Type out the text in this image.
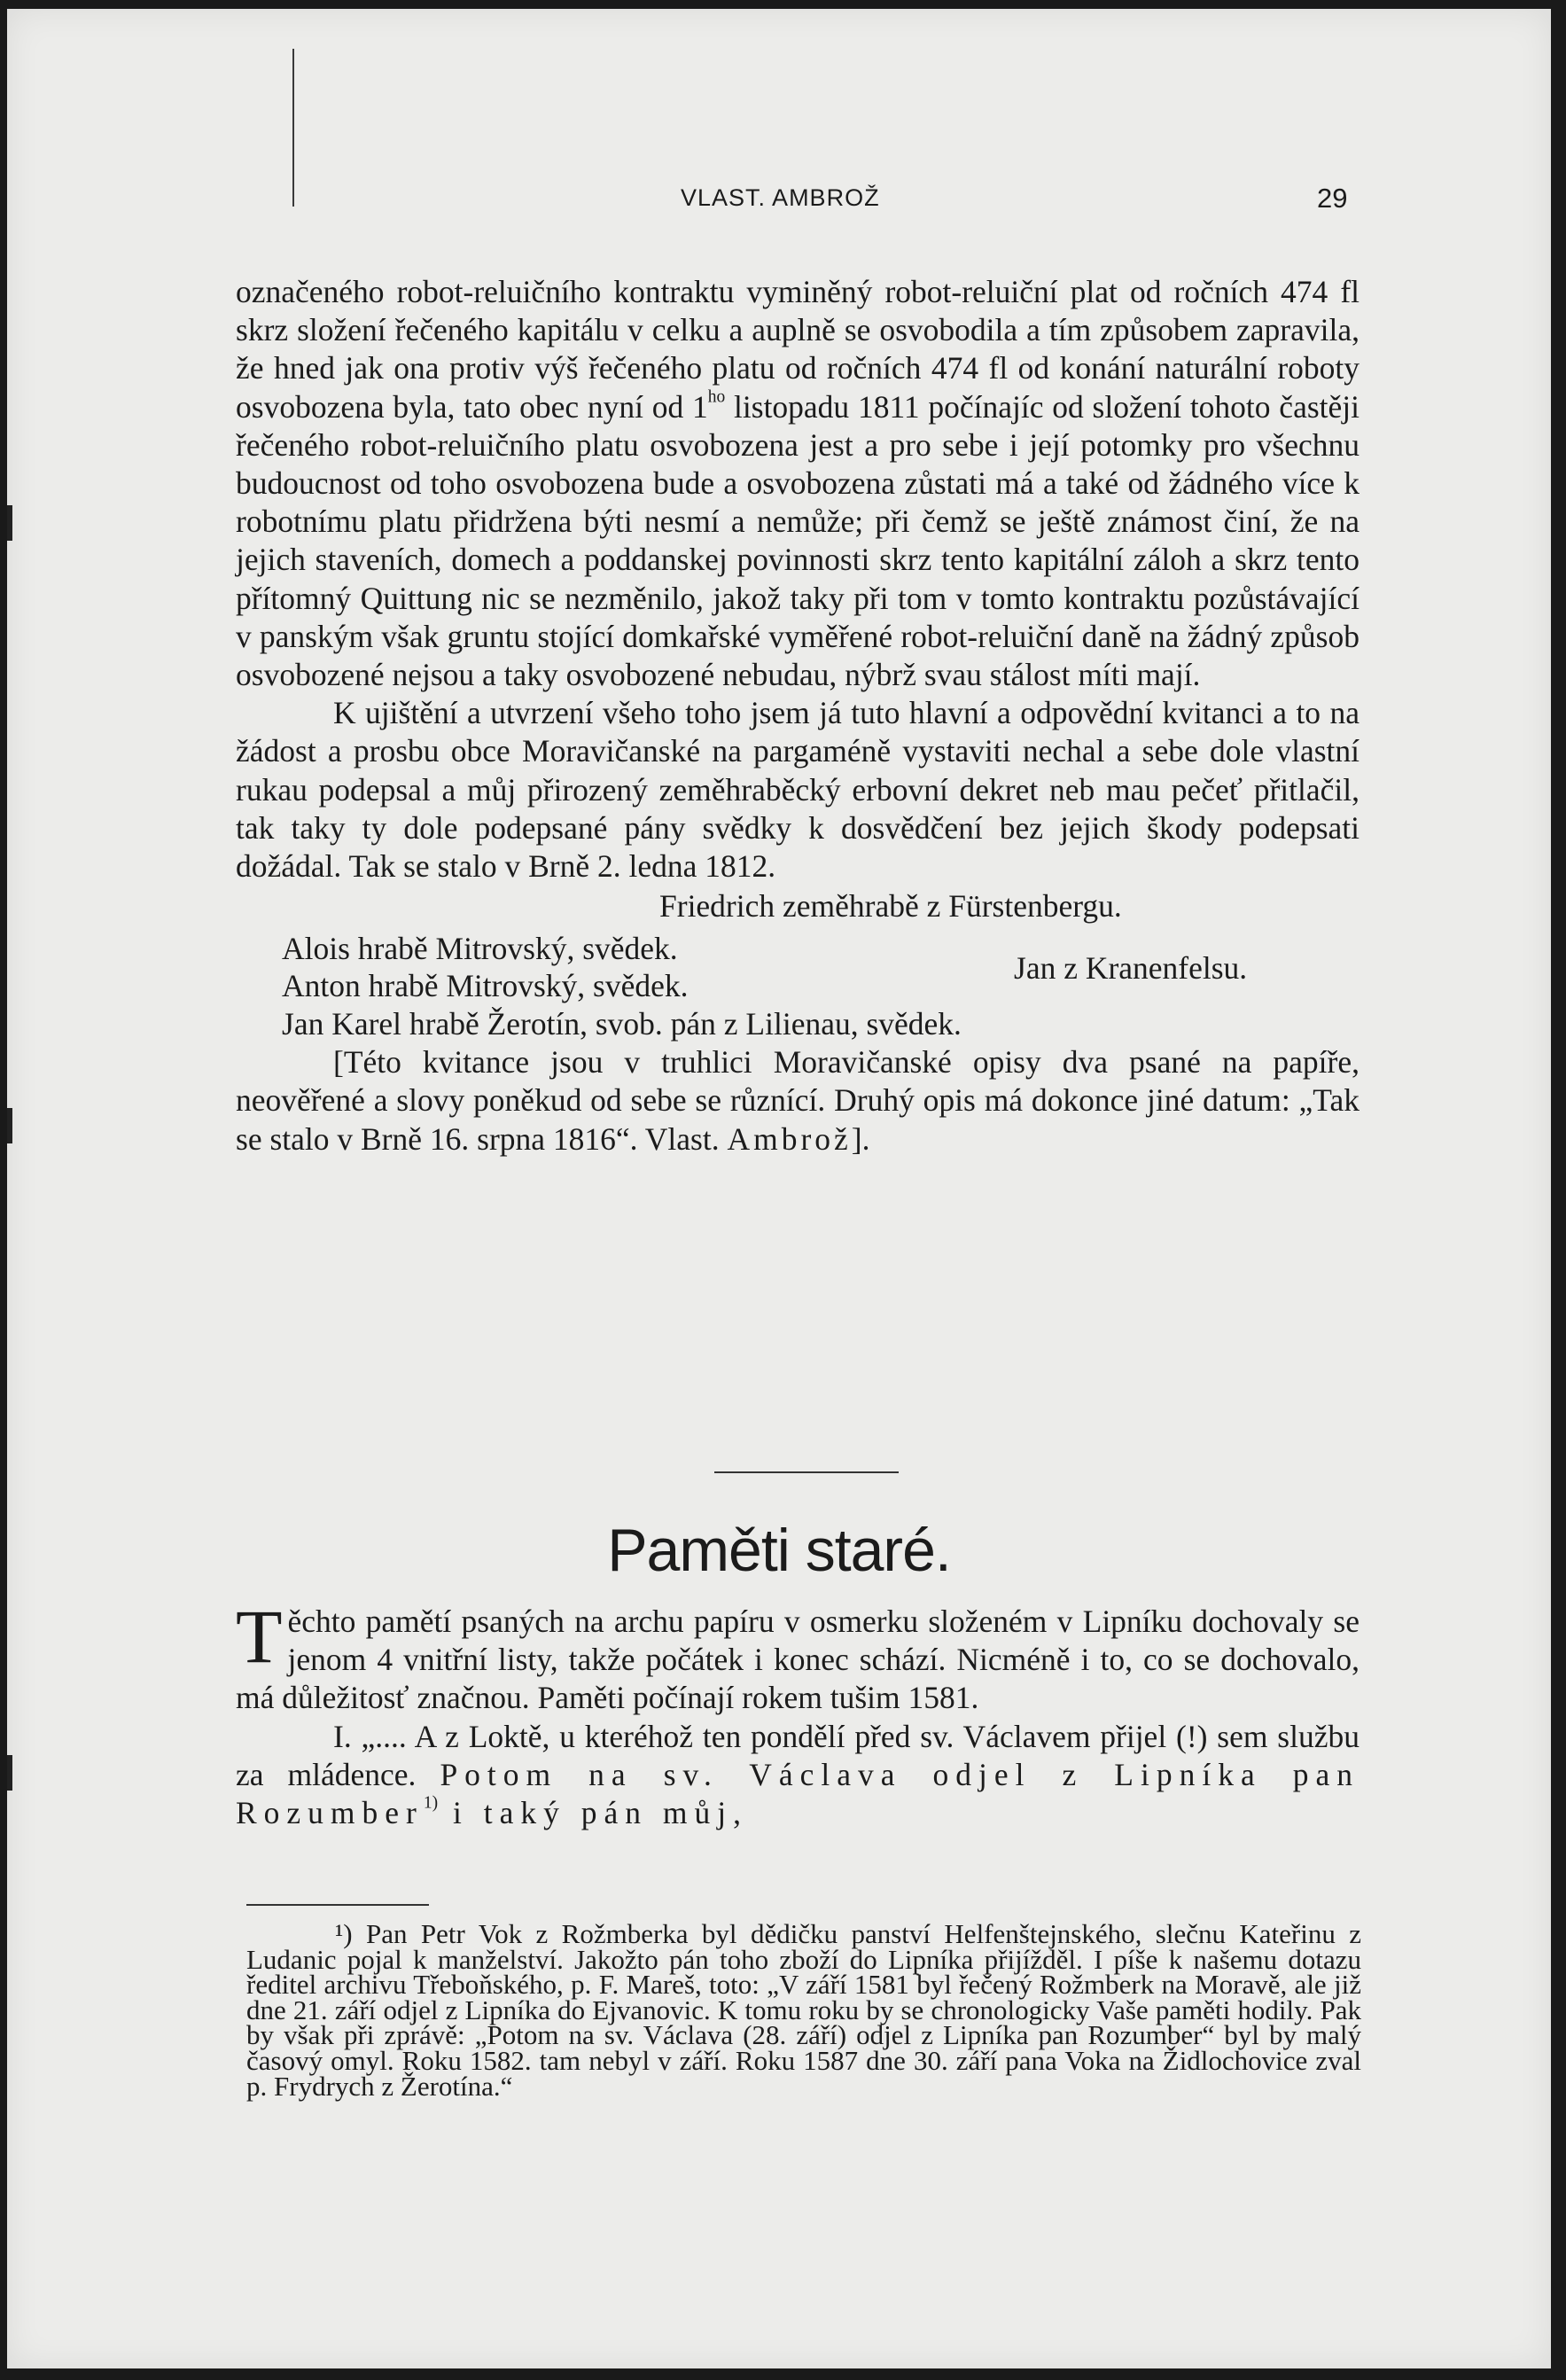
VLAST. AMBROŽ	29

označeného robot-reluičního kontraktu vyminěný robot-reluiční plat od ročních 474 fl skrz složení řečeného kapitálu v celku a auplně se osvobodila a tím způsobem zapravila, že hned jak ona protiv výš řečeného platu od ročních 474 fl od konání naturální roboty osvobozena byla, tato obec nyní od $1^{ho}$ listopadu 1811 počínajíc od složení tohoto častěji řečeného robot-reluičního platu osvobozena jest a pro sebe i její potomky pro všechnu budoucnost od toho osvobozena bude a osvobozena zůstati má a také od žádného více k robotnímu platu přidržena býti nesmí a nemůže; při čemž se ještě známost činí, že na jejich staveních, domech a poddanskej povinnosti skrz tento kapitální záloh a skrz tento přítomný Quittung nic se nezměnilo, jakož taky při tom v tomto kontraktu pozůstávající v panským však gruntu stojící domkařské vyměřené robot-reluiční daně na žádný způsob osvobozené nejsou a taky osvobozené nebudau, nýbrž svau stálost míti mají.

K ujištění a utvrzení všeho toho jsem já tuto hlavní a odpovědní kvitanci a to na žádost a prosbu obce Moravičanské na pargaméně vystaviti nechal a sebe dole vlastní rukau podepsal a můj přirozený zeměhraběcký erbovní dekret neb mau pečeť přitlačil, tak taky ty dole podepsané pány svědky k dosvědčení bez jejich škody podepsati dožádal. Tak se stalo v Brně 2. ledna 1812.

Friedrich zeměhrabě z Fürstenbergu.
Alois hrabě Mitrovský, svědek.
Anton hrabě Mitrovský, svědek.	Jan z Kranenfelsu.
Jan Karel hrabě Žerotín, svob. pán z Lilienau, svědek.

[Této kvitance jsou v truhlici Moravičanské opisy dva psané na papíře, neověřené a slovy poněkud od sebe se různící. Druhý opis má dokonce jiné datum: „Tak se stalo v Brně 16. srpna 1816“. Vlast. Ambrož].

Paměti staré.

Těchto pamětí psaných na archu papíru v osmerku složeném v Lipníku dochovaly se jenom 4 vnitřní listy, takže počátek i konec schází. Nicméně i to, co se dochovalo, má důležitosť značnou. Paměti počínají rokem tušim 1581.

I. „.... A z Loktě, u kteréhož ten pondělí před sv. Václavem přijel (!) sem službu za mládence. Potom na sv. Václava odjel z Lipníka pan Rozumber$^{1)}$ i taký pán můj,

¹) Pan Petr Vok z Rožmberka byl dědičku panství Helfenštejnského, slečnu Kateřinu z Ludanic pojal k manželství. Jakožto pán toho zboží do Lipníka přijížděl. I píše k našemu dotazu ředitel archivu Třeboňského, p. F. Mareš, toto: „V září 1581 byl řečený Rožmberk na Moravě, ale již dne 21. září odjel z Lipníka do Ejvanovic. K tomu roku by se chronologicky Vaše paměti hodily. Pak by však při zprávě: „Potom na sv. Václava (28. září) odjel z Lipníka pan Rozumber“ byl by malý časový omyl. Roku 1582. tam nebyl v září. Roku 1587 dne 30. září pana Voka na Židlochovice zval p. Frydrych z Žerotína.“
